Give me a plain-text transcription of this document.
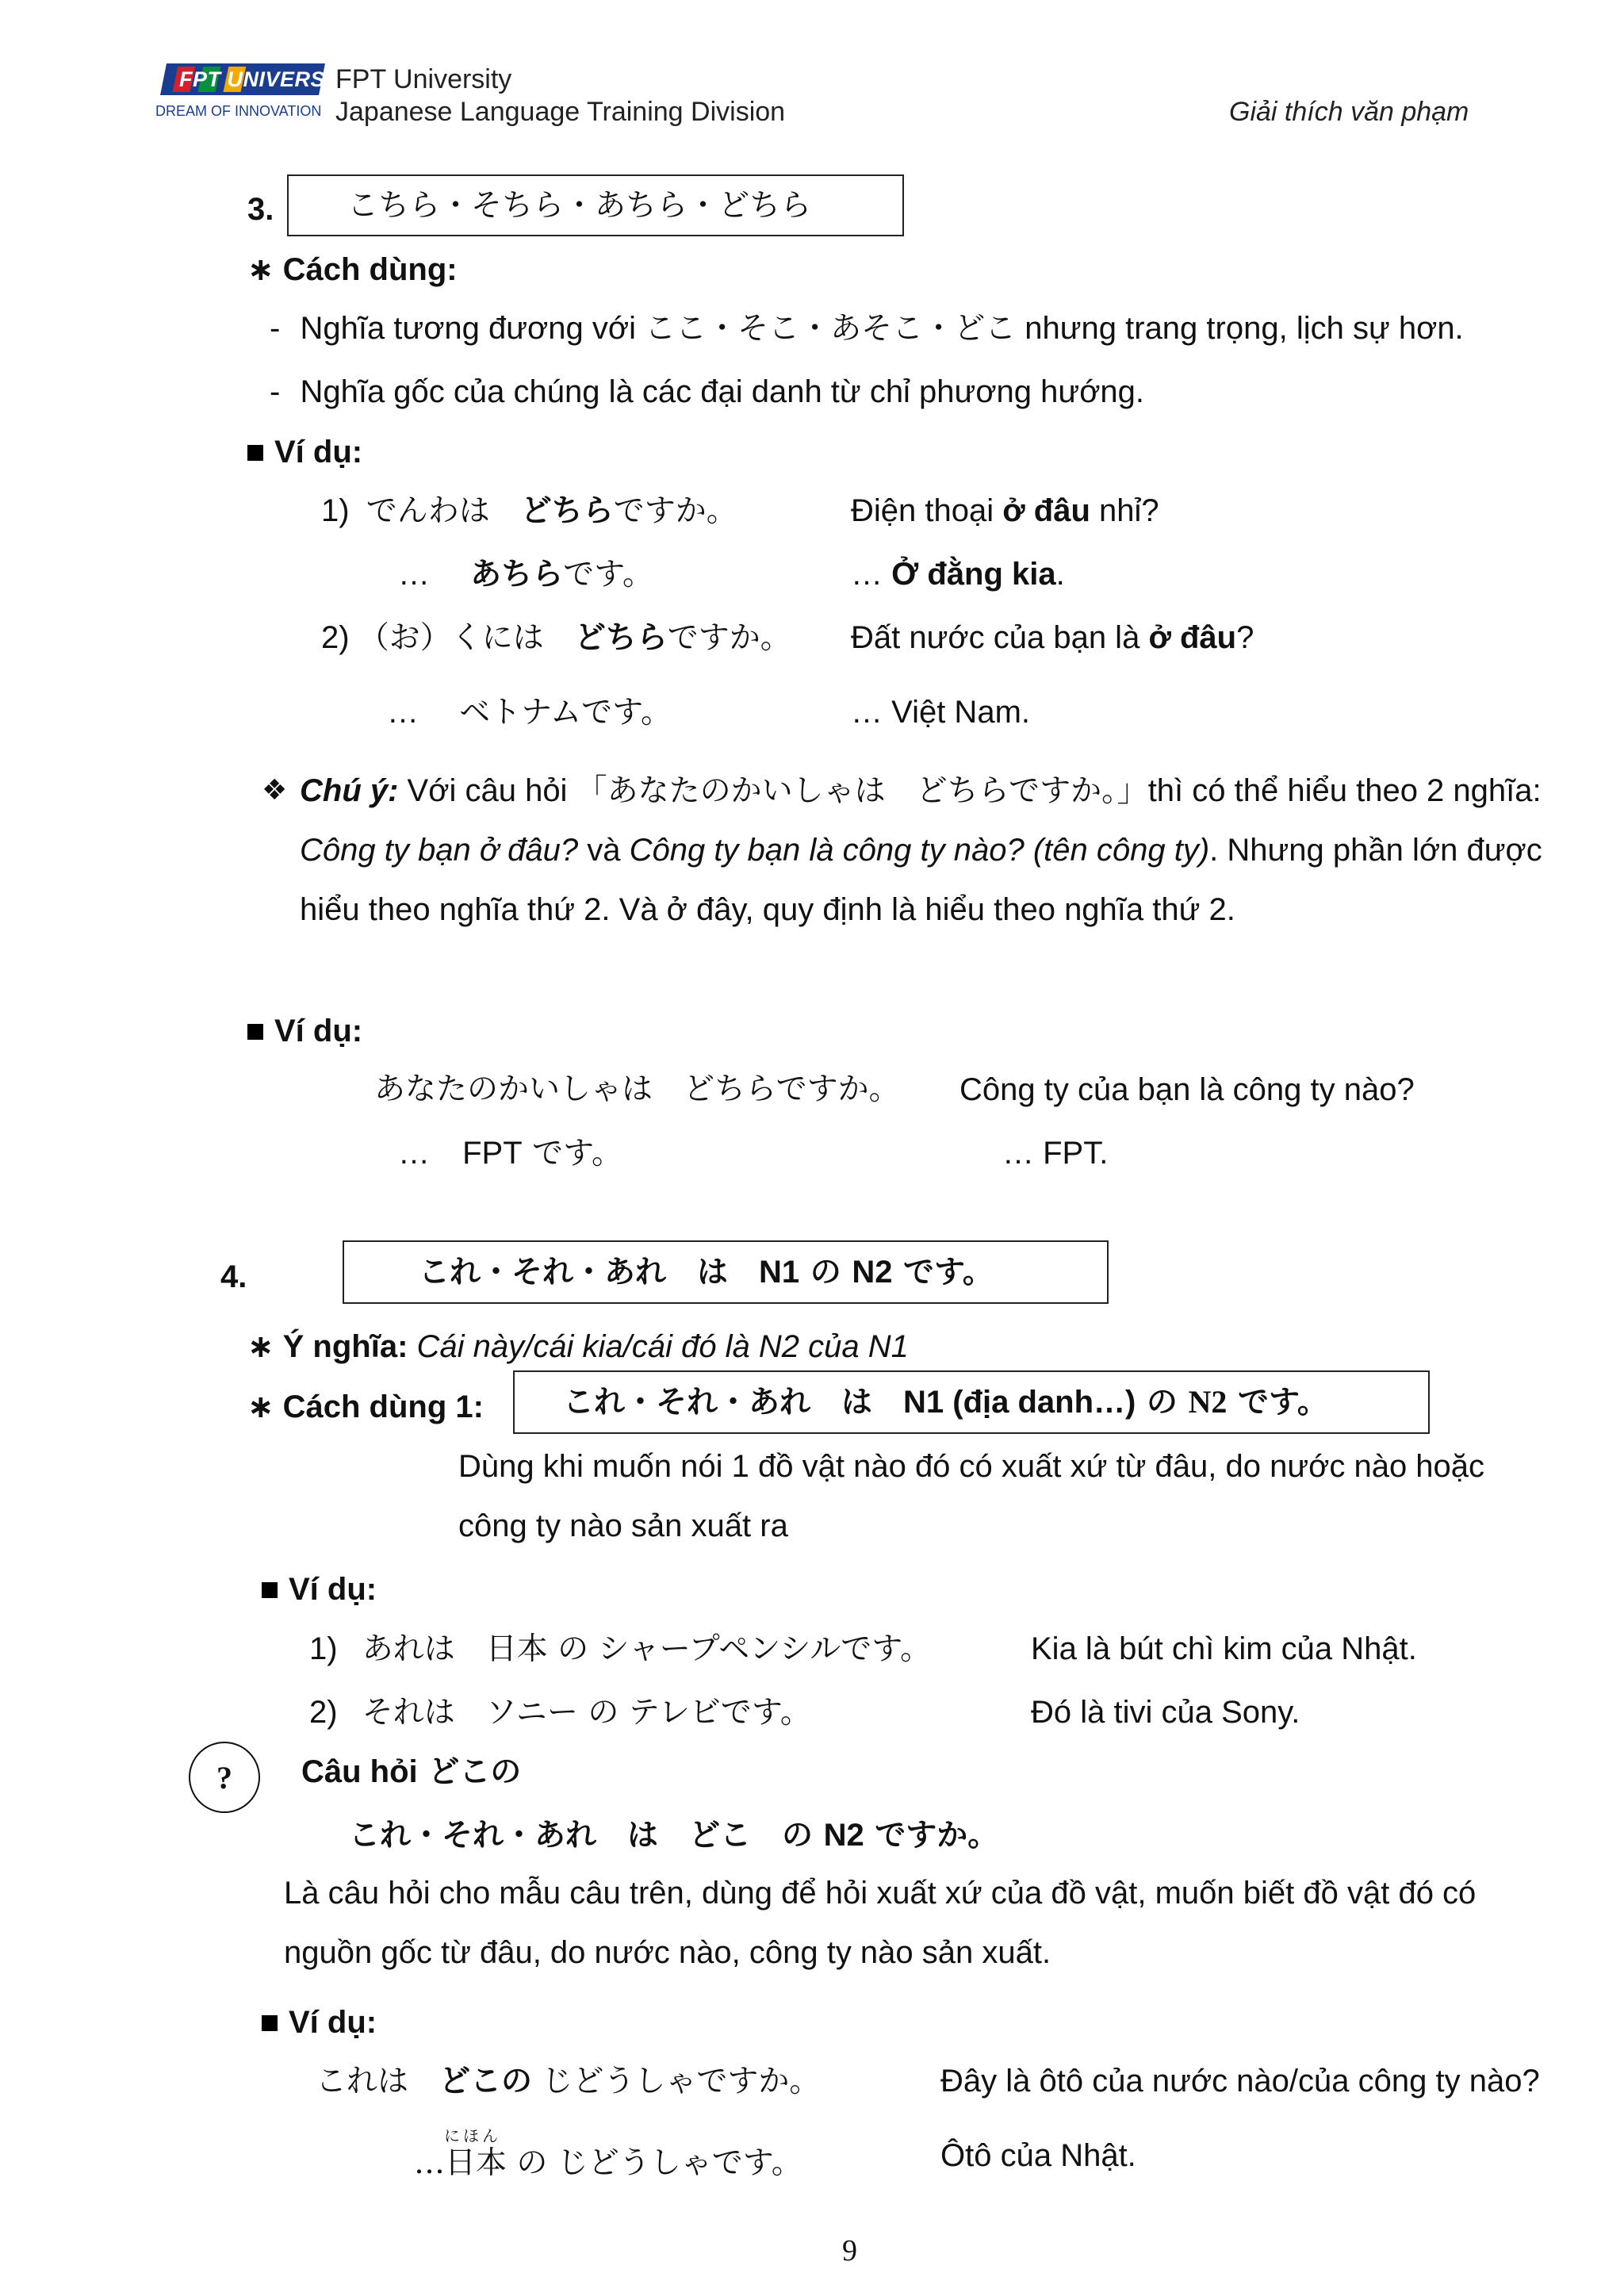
FPT UNIVERSITY
DREAM OF INNOVATION
FPT University
Japanese Language Training Division	Giải thích văn phạm
3. こちら・そちら・あちら・どちら
∗ Cách dùng:
- Nghĩa tương đương với ここ・そこ・あそこ・どこ nhưng trang trọng, lịch sự hơn.
- Nghĩa gốc của chúng là các đại danh từ chỉ phương hướng.
Ví dụ:
1) でんわは　どちらですか。	Điện thoại ở đâu nhỉ?
… あちらです。	… Ở đằng kia.
2) （お）くには　どちらですか。 Đất nước của bạn là ở đâu?
… ベトナムです。	… Việt Nam.
❖ Chú ý: Với câu hỏi 「あなたのかいしゃは　どちらですか。」thì có thể hiểu theo 2 nghĩa: Công ty bạn ở đâu? và Công ty bạn là công ty nào? (tên công ty). Nhưng phần lớn được hiểu theo nghĩa thứ 2. Và ở đây, quy định là hiểu theo nghĩa thứ 2.
Ví dụ:
あなたのかいしゃは　どちらですか。 Công ty của bạn là công ty nào?
… FPT です。	… FPT.
4.	これ・それ・あれ　は　N1 の N2 です。
∗ Ý nghĩa: Cái này/cái kia/cái đó là N2 của N1
∗ Cách dùng 1:	これ・それ・あれ　は　N1 (địa danh…) の N2 です。
Dùng khi muốn nói 1 đồ vật nào đó có xuất xứ từ đâu, do nước nào hoặc công ty nào sản xuất ra
Ví dụ:
1) あれは　日本 の シャープペンシルです。	Kia là bút chì kim của Nhật.
2) それは　ソニー の テレビです。	Đó là tivi của Sony.
?	Câu hỏi どこの
これ・それ・あれ　は　どこ　の N2 ですか。
Là câu hỏi cho mẫu câu trên, dùng để hỏi xuất xứ của đồ vật, muốn biết đồ vật đó có nguồn gốc từ đâu, do nước nào, công ty nào sản xuất.
Ví dụ:
これは　どこの じどうしゃですか。	Đây là ôtô của nước nào/của công ty nào?
にほん
…日本 の じどうしゃです。	Ôtô của Nhật.
9
